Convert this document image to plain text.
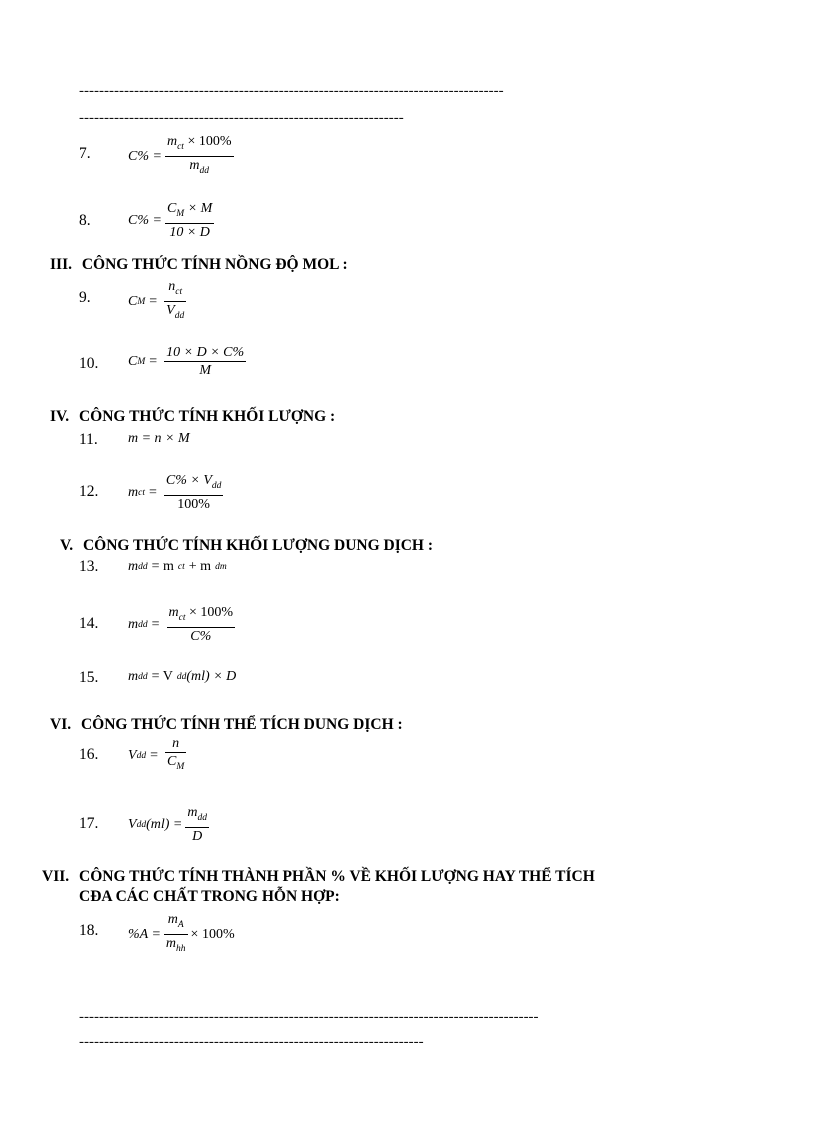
-------------------------------------------------------------------------------------
-----------------------------------------------------------------
7.	$C\% = \frac{m_{ct} \times 100\%}{m_{dd}}$
8.	$C\% = \frac{C_M \times M}{10 \times D}$
III. CÔNG THỨC TÍNH NỒNG ĐỘ MOL :
9.	C $M = \frac{n_{ct}}{V_{dd}}$
10. C $M = \frac{10 \times D \times C\%}{M}$
IV. CÔNG THỨC TÍNH KHỐI LƯỢNG :
11. m = n × M
12. m ct = $\frac{C\% \times V_{dd}}{100\%}$
V. CÔNG THỨC TÍNH KHỐI LƯỢNG DUNG DỊCH :
13. m dd = m ct + m dm
14. m dd = $\frac{m_{ct} \times 100\%}{C\%}$
15. m dd = V dd (ml) × D
VI. CÔNG THỨC TÍNH THỂ TÍCH DUNG DỊCH :
16. V dd = $\frac{n}{C_M}$
17. V dd $(ml) = \frac{m_{dd}}{D}$
VII. CÔNG THỨC TÍNH THÀNH PHẦN % VỀ KHỐI LƯỢNG HAY THỂ TÍCH
CĐA CÁC CHẤT TRONG HỖN HỢP:
18. $\%A = \frac{m_A}{m_{hh}} \times 100\%$
--------------------------------------------------------------------------------------------
---------------------------------------------------------------------
